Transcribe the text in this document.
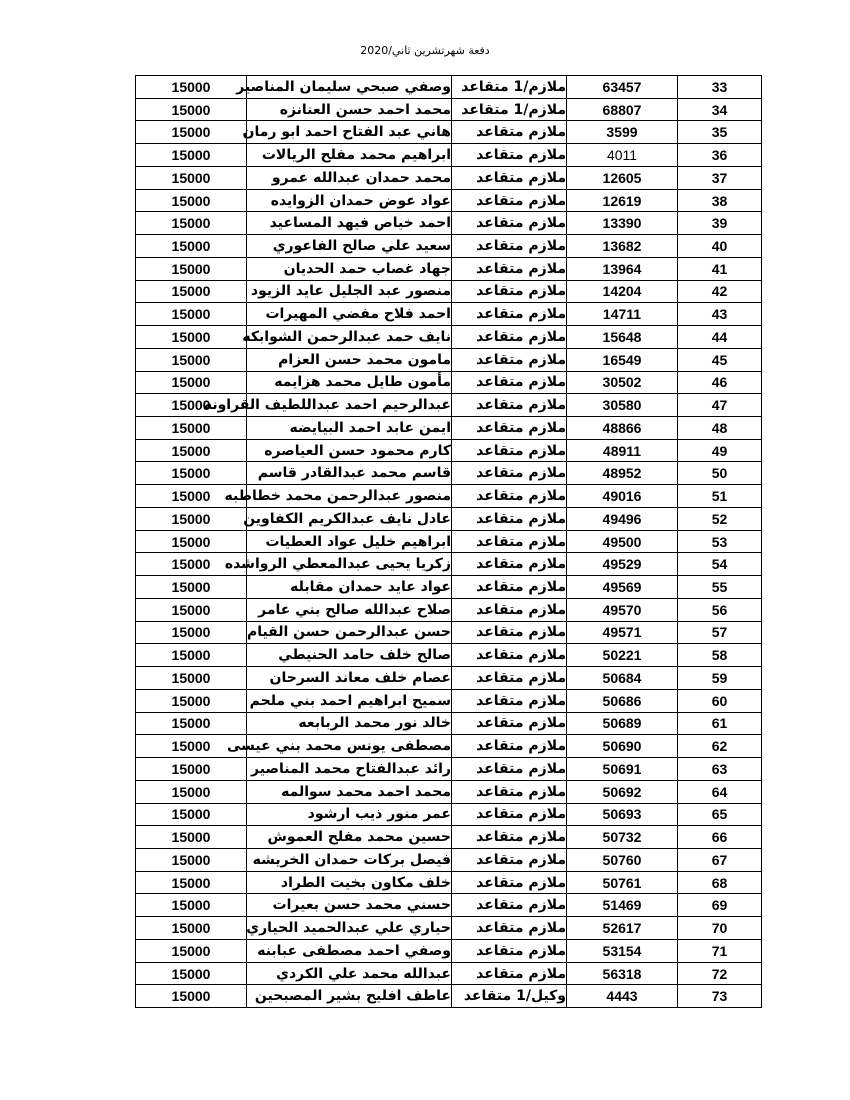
دفعة شهرتشرين ثاني/2020
33	63457	ملازم/1 متقاعد	وصفي صبحي سليمان المناصير	15000
34	68807	ملازم/1 متقاعد	محمد احمد حسن العنانزه	15000
35	3599	ملازم متقاعد	هاني عبد الفتاح احمد ابو رمان	15000
36	4011	ملازم متقاعد	ابراهيم محمد مفلح الريالات	15000
37	12605	ملازم متقاعد	محمد حمدان عبدالله عمرو	15000
38	12619	ملازم متقاعد	عواد عوض حمدان الزوايده	15000
39	13390	ملازم متقاعد	احمد خياص فيهد المساعيد	15000
40	13682	ملازم متقاعد	سعيد علي صالح الفاعوري	15000
41	13964	ملازم متقاعد	جهاد غصاب حمد الحديان	15000
42	14204	ملازم متقاعد	منصور عبد الجليل عايد الزيود	15000
43	14711	ملازم متقاعد	احمد فلاح مفضي المهيرات	15000
44	15648	ملازم متقاعد	نايف حمد عبدالرحمن الشوابكه	15000
45	16549	ملازم متقاعد	مامون محمد حسن العزام	15000
46	30502	ملازم متقاعد	مأمون طايل محمد هزايمه	15000
47	30580	ملازم متقاعد	عبدالرحيم احمد عبداللطيف القراونه	15000
48	48866	ملازم متقاعد	ايمن عابد احمد البيايضه	15000
49	48911	ملازم متقاعد	كارم محمود حسن العياصره	15000
50	48952	ملازم متقاعد	قاسم محمد عبدالقادر قاسم	15000
51	49016	ملازم متقاعد	منصور عبدالرحمن محمد خطاطبه	15000
52	49496	ملازم متقاعد	عادل نايف عبدالكريم الكفاوين	15000
53	49500	ملازم متقاعد	ابراهيم خليل عواد العطيات	15000
54	49529	ملازم متقاعد	زكريا يحيى عبدالمعطي الرواشده	15000
55	49569	ملازم متقاعد	عواد عايد حمدان مقابله	15000
56	49570	ملازم متقاعد	صلاح عبدالله صالح بني عامر	15000
57	49571	ملازم متقاعد	حسن عبدالرحمن حسن القيام	15000
58	50221	ملازم متقاعد	صالح خلف حامد الحنيطي	15000
59	50684	ملازم متقاعد	عصام خلف معاند السرحان	15000
60	50686	ملازم متقاعد	سميح ابراهيم احمد بني ملحم	15000
61	50689	ملازم متقاعد	خالد نور محمد الربابعه	15000
62	50690	ملازم متقاعد	مصطفى يونس محمد بني عيسى	15000
63	50691	ملازم متقاعد	رائد عبدالفتاح محمد المناصير	15000
64	50692	ملازم متقاعد	محمد احمد محمد سوالمه	15000
65	50693	ملازم متقاعد	عمر منور ذيب ارشود	15000
66	50732	ملازم متقاعد	حسين محمد مفلح العموش	15000
67	50760	ملازم متقاعد	فيصل بركات حمدان الخريشه	15000
68	50761	ملازم متقاعد	خلف مكاون بخيت الطراد	15000
69	51469	ملازم متقاعد	حسني محمد حسن بعيرات	15000
70	52617	ملازم متقاعد	حياري علي عبدالحميد الحياري	15000
71	53154	ملازم متقاعد	وصفي احمد مصطفى عبابنه	15000
72	56318	ملازم متقاعد	عبدالله محمد علي الكردي	15000
73	4443	وكيل/1 متقاعد	عاطف افليح بشير المصبحين	15000
